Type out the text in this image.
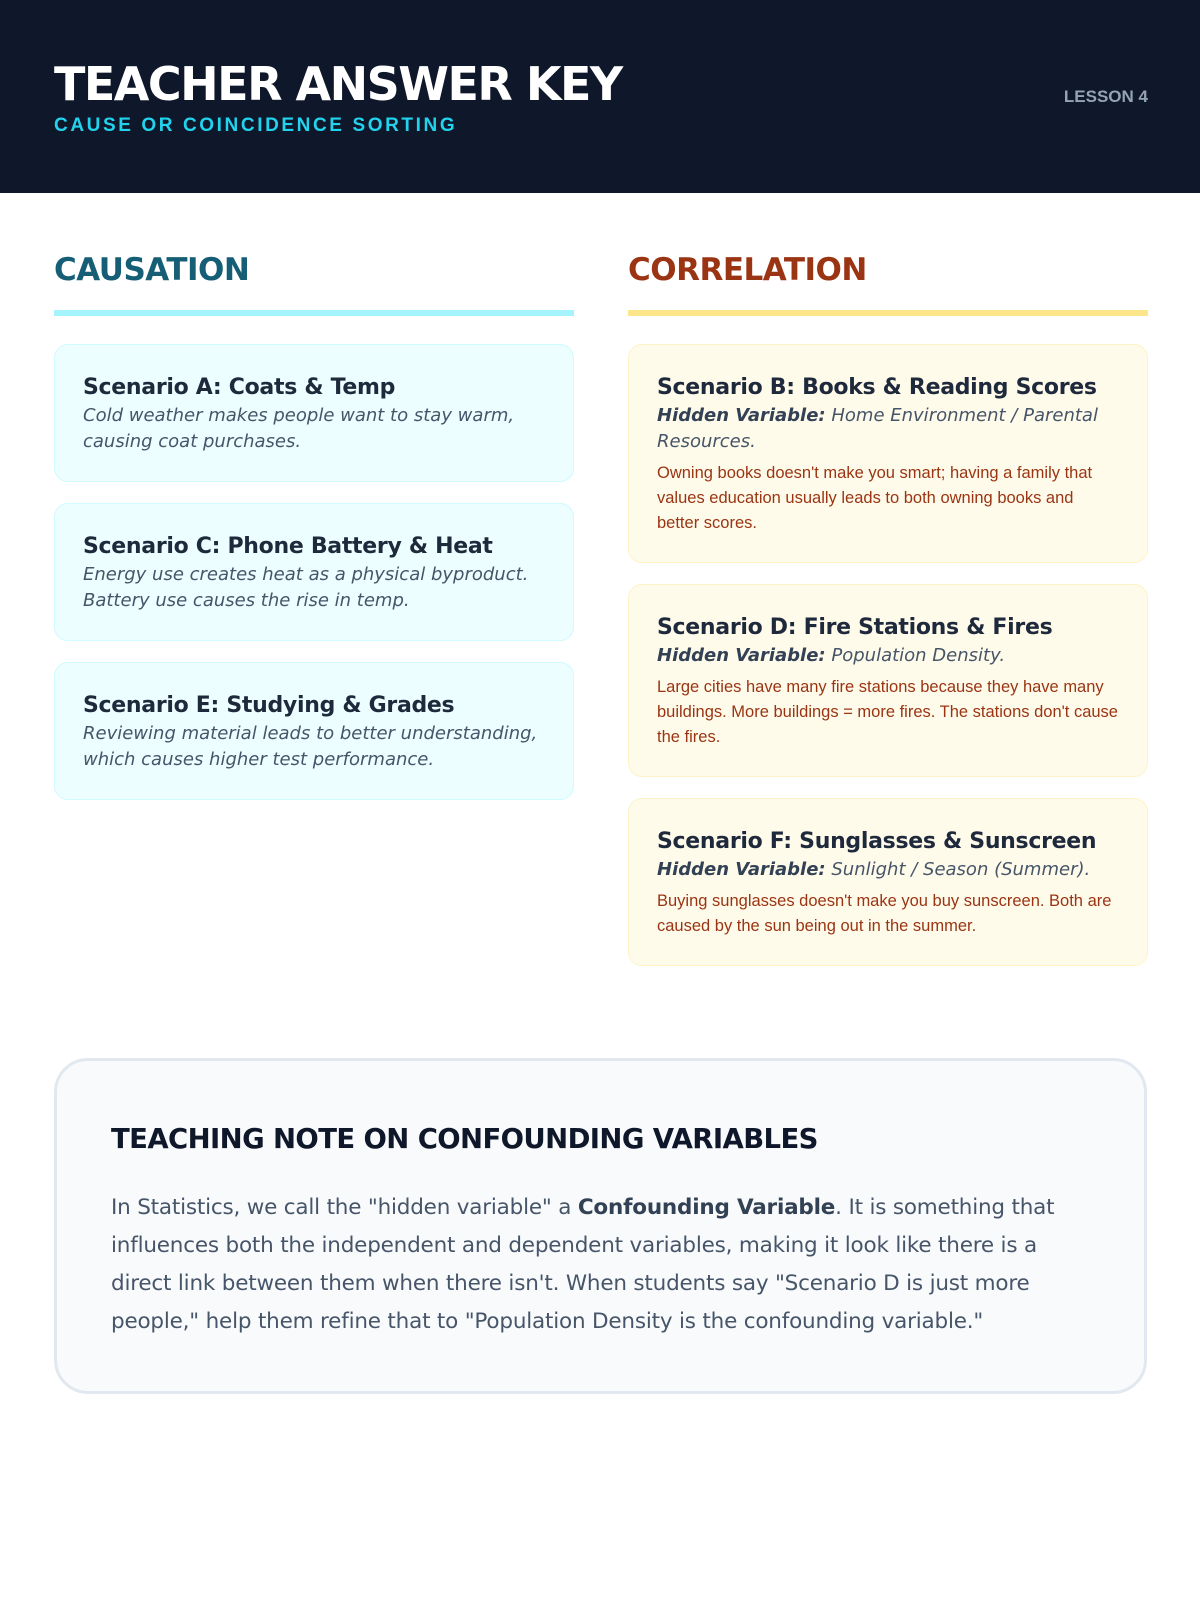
TEACHER ANSWER KEY
CAUSE OR COINCIDENCE SORTING
LESSON 4
CAUSATION
Scenario A: Coats & Temp
Cold weather makes people want to stay warm, causing coat purchases.
Scenario C: Phone Battery & Heat
Energy use creates heat as a physical byproduct. Battery use causes the rise in temp.
Scenario E: Studying & Grades
Reviewing material leads to better understanding, which causes higher test performance.
CORRELATION
Scenario B: Books & Reading Scores
Hidden Variable: Home Environment / Parental Resources.
Owning books doesn't make you smart; having a family that values education usually leads to both owning books and better scores.
Scenario D: Fire Stations & Fires
Hidden Variable: Population Density.
Large cities have many fire stations because they have many buildings. More buildings = more fires. The stations don't cause the fires.
Scenario F: Sunglasses & Sunscreen
Hidden Variable: Sunlight / Season (Summer).
Buying sunglasses doesn't make you buy sunscreen. Both are caused by the sun being out in the summer.
TEACHING NOTE ON CONFOUNDING VARIABLES
In Statistics, we call the "hidden variable" a Confounding Variable. It is something that influences both the independent and dependent variables, making it look like there is a direct link between them when there isn't. When students say "Scenario D is just more people," help them refine that to "Population Density is the confounding variable."
